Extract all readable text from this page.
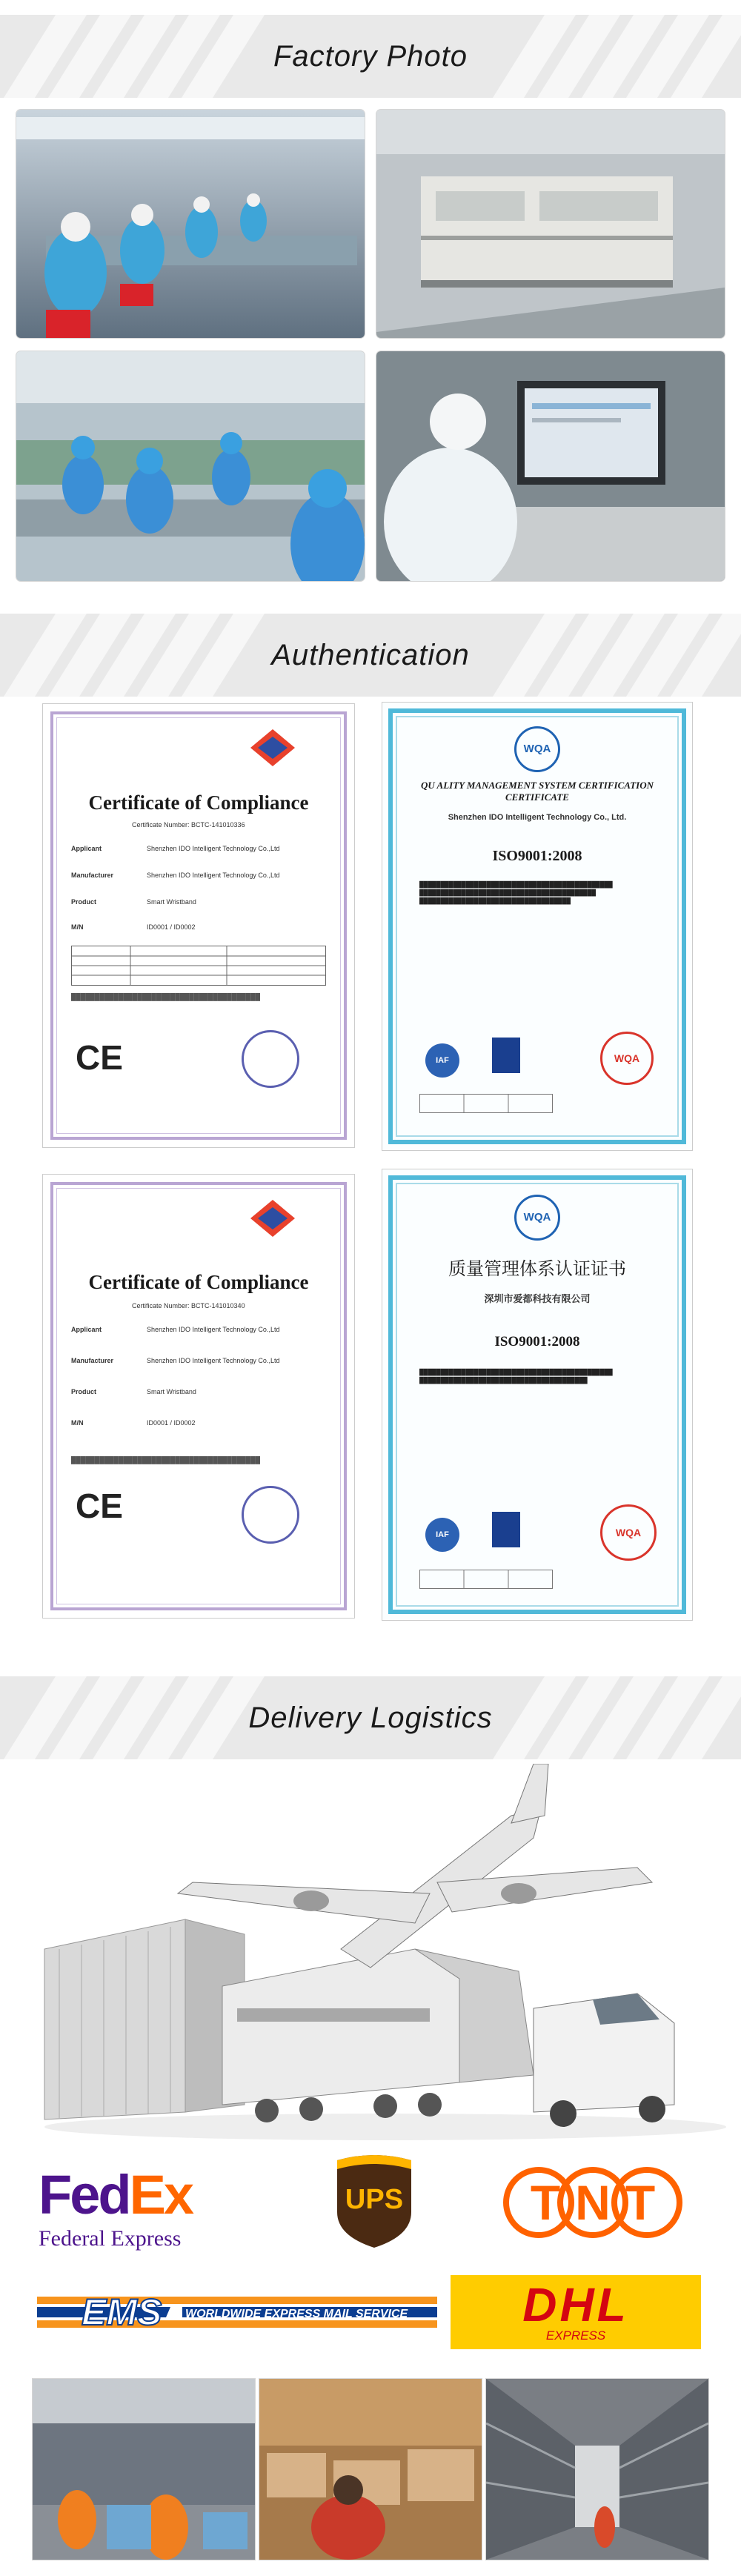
Factory Photo
Authentication
Certificate of Compliance
Certificate Number: BCTC-141010336
Applicant	Shenzhen IDO Intelligent Technology Co.,Ltd
Manufacturer	Shenzhen IDO Intelligent Technology Co.,Ltd
Product	Smart Wristband
M/N	ID0001 / ID0002
████████████████████████████████████████
CE
WQA
QU ALITY MANAGEMENT SYSTEM CERTIFICATION CERTIFICATE
Shenzhen IDO Intelligent Technology Co., Ltd.
ISO9001:2008
██████████████████████████████████████████████ ██████████████████████████████████████████ ████████████████████████████████████
IAF	WQA
Certificate of Compliance
Certificate Number: BCTC-141010340
Applicant	Shenzhen IDO Intelligent Technology Co.,Ltd
Manufacturer	Shenzhen IDO Intelligent Technology Co.,Ltd
Product	Smart Wristband
M/N	ID0001 / ID0002
████████████████████████████████████████
CE
WQA
质量管理体系认证证书
深圳市爱都科技有限公司
ISO9001:2008
██████████████████████████████████████████████ ████████████████████████████████████████
IAF	WQA
Delivery Logistics
FedEx
Federal Express
UPS	TNT
EMS WORLDWIDE EXPRESS MAIL SERVICE	DHL
EXPRESS
